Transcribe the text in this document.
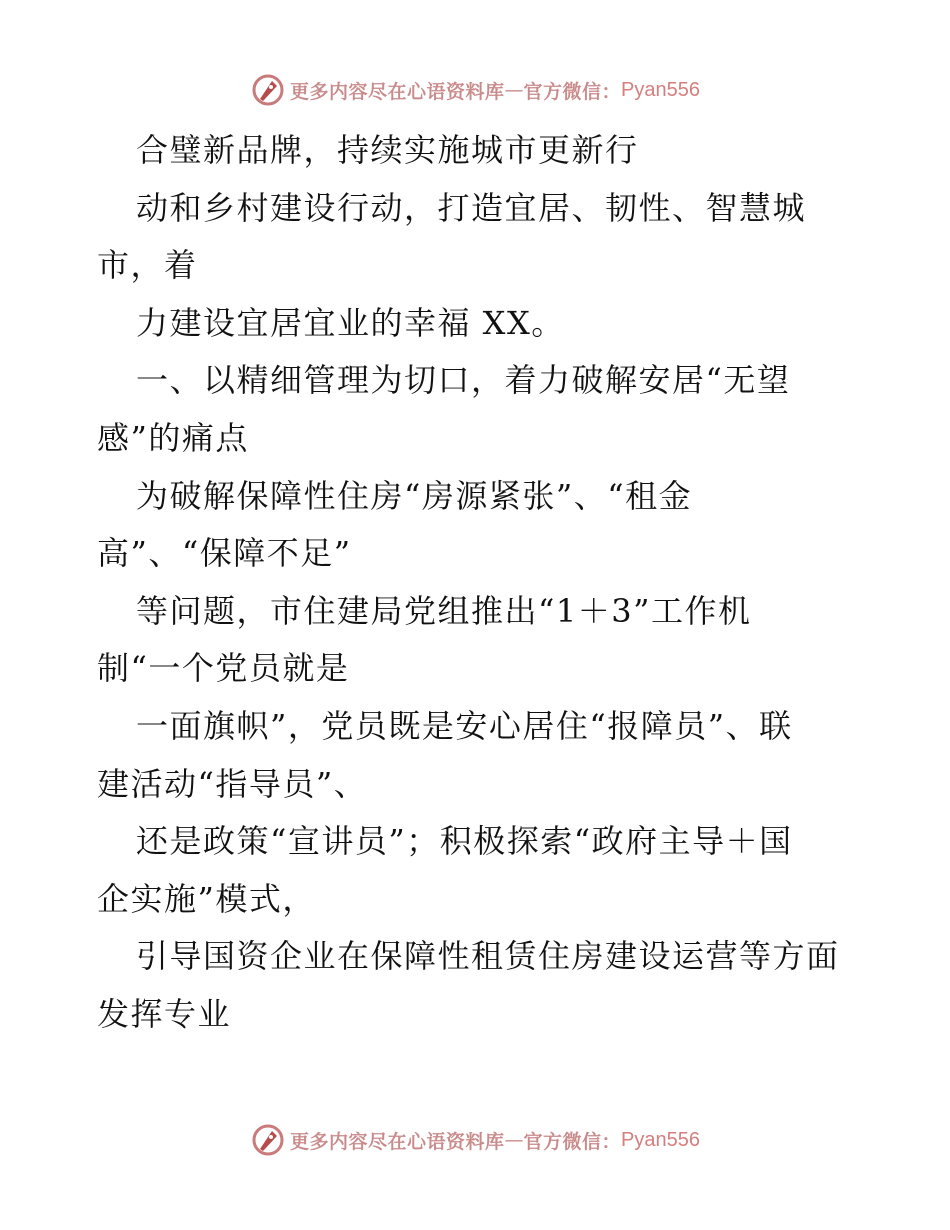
更多内容尽在心语资料库 — 官方微信： Pyan556
合璧新品牌，持续实施城市更新行
动和乡村建设行动，打造宜居、韧性、智慧城
市，着
力建设宜居宜业的幸福 XX。
一、以精细管理为切口，着力破解安居“无望
感”的痛点
为破解保障性住房“房源紧张”、“租金
高”、“保障不足”
等问题，市住建局党组推出“1＋3”工作机
制“一个党员就是
一面旗帜”，党员既是安心居住“报障员”、联
建活动“指导员”、
还是政策“宣讲员”；积极探索“政府主导＋国
企实施”模式，
引导国资企业在保障性租赁住房建设运营等方面
发挥专业
更多内容尽在心语资料库 — 官方微信： Pyan556
